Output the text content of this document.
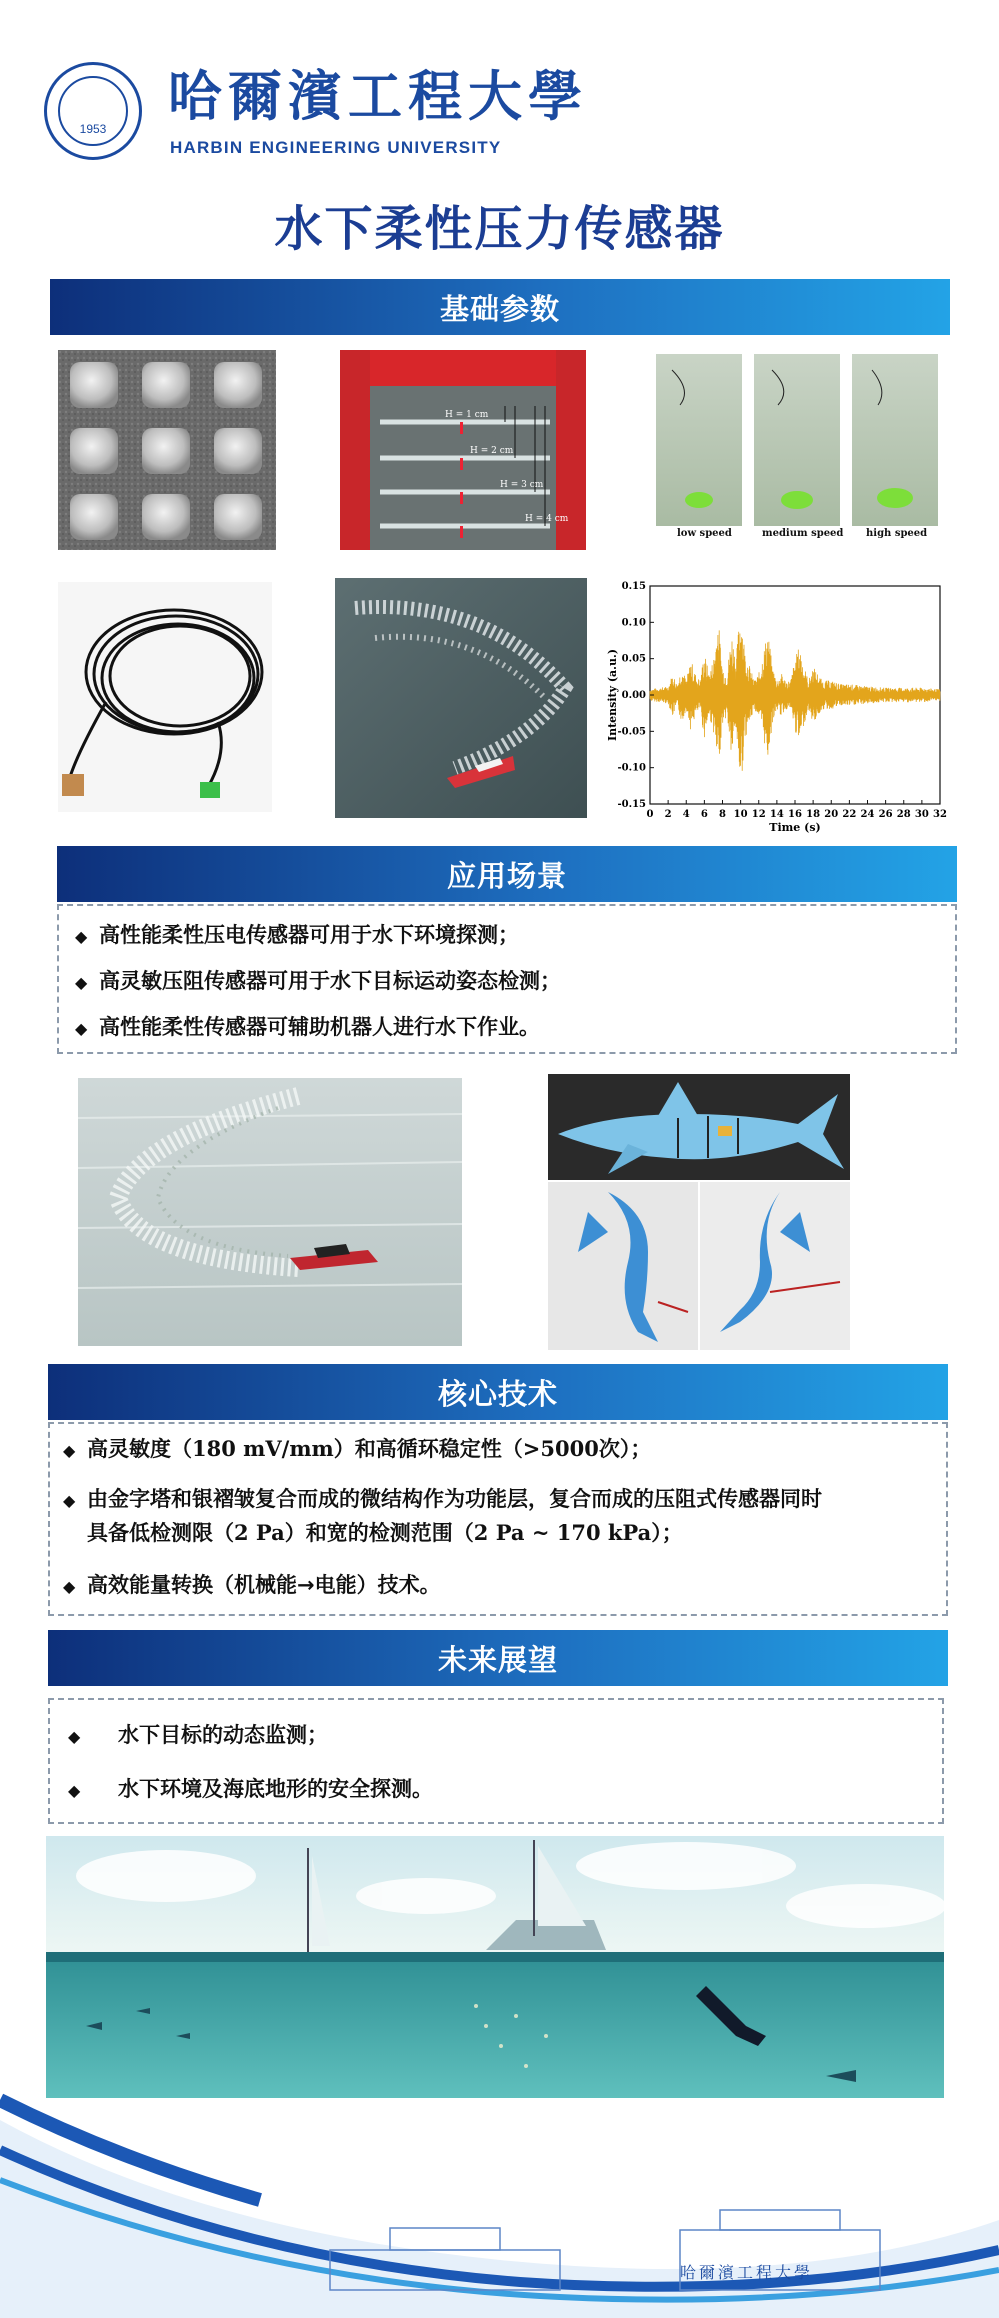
1953
哈爾濱工程大學
HARBIN ENGINEERING UNIVERSITY
水下柔性压力传感器
基础参数
H = 1 cm
H = 2 cm
H = 3 cm
H = 4 cm
low speed	medium speed high speed
0.15
0.10
0.05
0.00
-0.05
-0.10
-0.15
0 2 4 6 8 10 12 14 16 18 20 22 24 26 28 30 32
Time (s)
Intensity (a.u.)
应用场景
◆ 高性能柔性压电传感器可用于水下环境探测；
◆ 高灵敏压阻传感器可用于水下目标运动姿态检测；
◆ 高性能柔性传感器可辅助机器人进行水下作业。
核心技术
◆ 高灵敏度（180 mV/mm）和高循环稳定性（>5000次）；
◆ 由金字塔和银褶皱复合而成的微结构作为功能层，复合而成的压阻式传感器同时
具备低检测限（2 Pa）和宽的检测范围（2 Pa ~ 170 kPa）；
◆ 高效能量转换（机械能→电能）技术。
未来展望
◆ 水下目标的动态监测；
◆ 水下环境及海底地形的安全探测。
哈爾濱工程大學
